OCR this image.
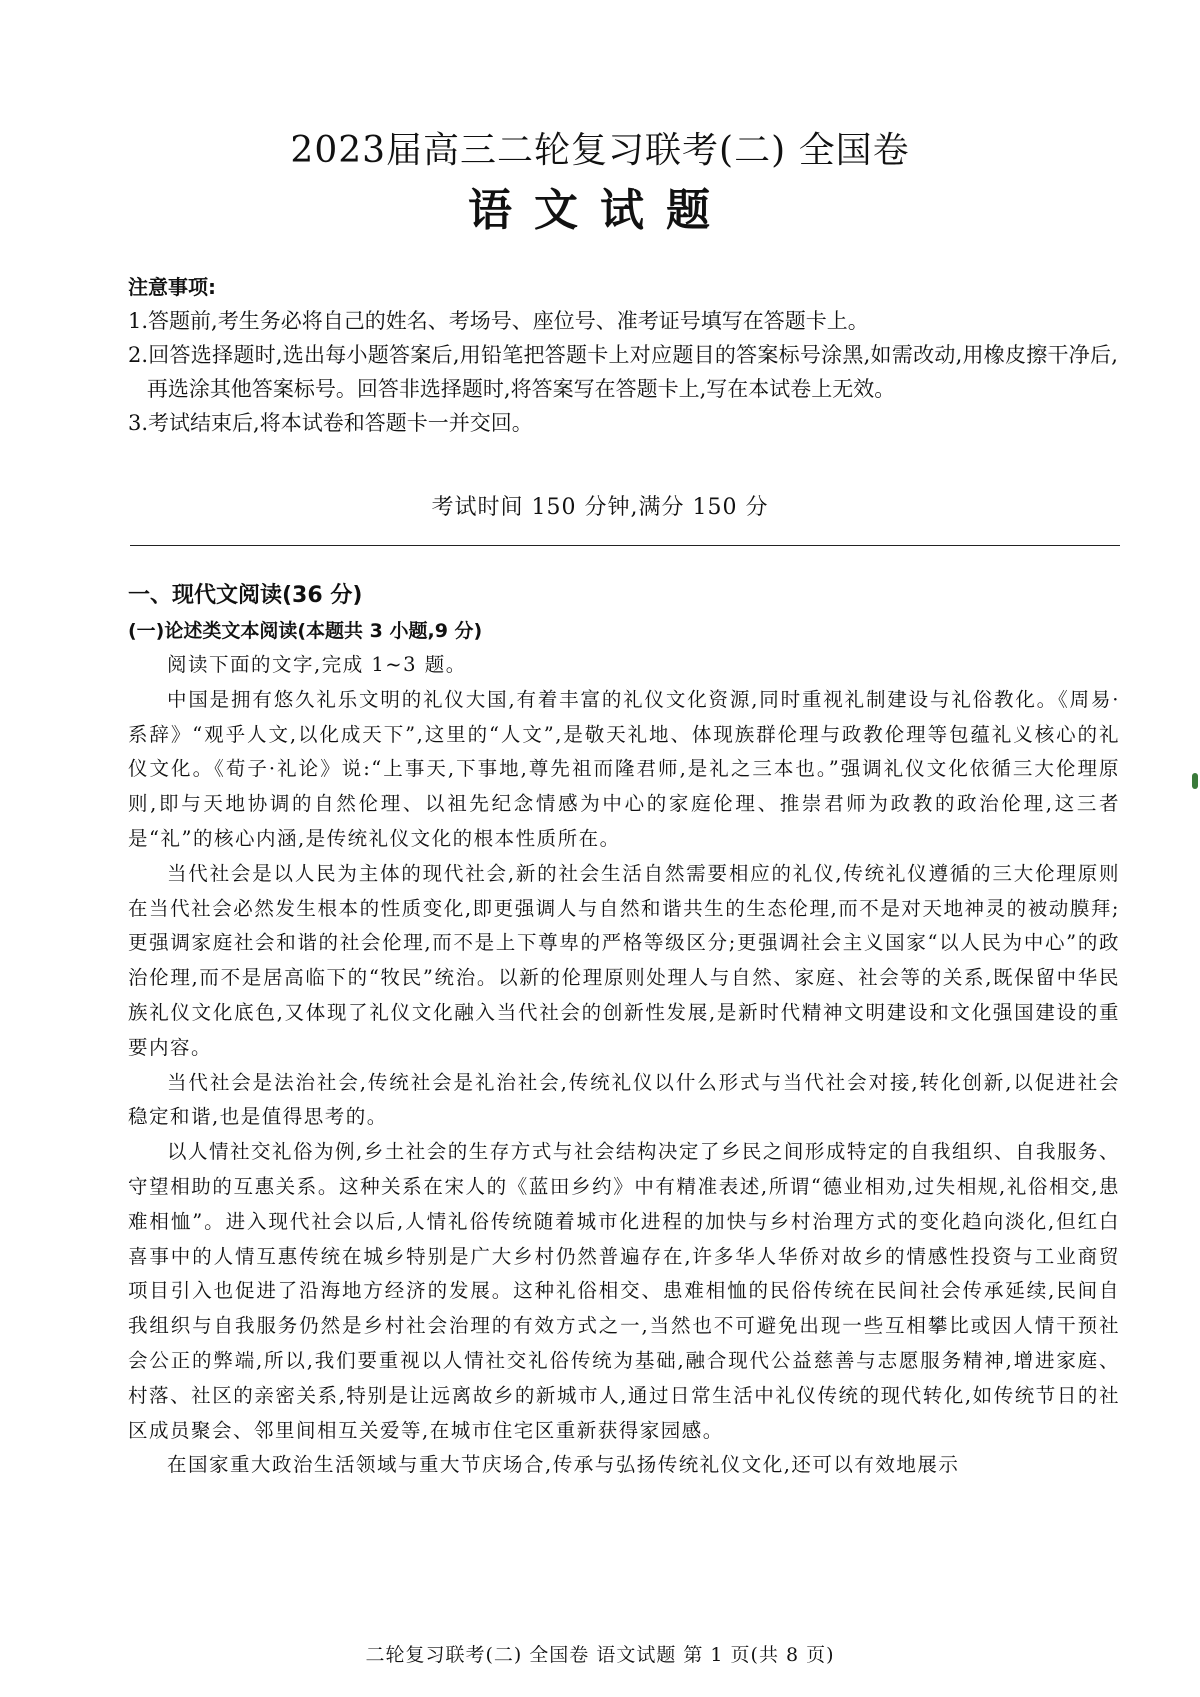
2023届高三二轮复习联考(二) 全国卷
语文试题
注意事项:
1.答题前,考生务必将自己的姓名、考场号、座位号、准考证号填写在答题卡上。
2.回答选择题时,选出每小题答案后,用铅笔把答题卡上对应题目的答案标号涂黑,如需改动,用橡皮擦干净后,再选涂其他答案标号。回答非选择题时,将答案写在答题卡上,写在本试卷上无效。
3.考试结束后,将本试卷和答题卡一并交回。
考试时间 150 分钟,满分 150 分
一、现代文阅读(36 分)
(一)论述类文本阅读(本题共 3 小题,9 分)

阅读下面的文字,完成 1~3 题。

中国是拥有悠久礼乐文明的礼仪大国,有着丰富的礼仪文化资源,同时重视礼制建设与礼俗教化。《周易·系辞》“观乎人文,以化成天下”,这里的“人文”,是敬天礼地、体现族群伦理与政教伦理等包蕴礼义核心的礼仪文化。《荀子·礼论》说:“上事天,下事地,尊先祖而隆君师,是礼之三本也。”强调礼仪文化依循三大伦理原则,即与天地协调的自然伦理、以祖先纪念情感为中心的家庭伦理、推崇君师为政教的政治伦理,这三者是“礼”的核心内涵,是传统礼仪文化的根本性质所在。

当代社会是以人民为主体的现代社会,新的社会生活自然需要相应的礼仪,传统礼仪遵循的三大伦理原则在当代社会必然发生根本的性质变化,即更强调人与自然和谐共生的生态伦理,而不是对天地神灵的被动膜拜;更强调家庭社会和谐的社会伦理,而不是上下尊卑的严格等级区分;更强调社会主义国家“以人民为中心”的政治伦理,而不是居高临下的“牧民”统治。以新的伦理原则处理人与自然、家庭、社会等的关系,既保留中华民族礼仪文化底色,又体现了礼仪文化融入当代社会的创新性发展,是新时代精神文明建设和文化强国建设的重要内容。

当代社会是法治社会,传统社会是礼治社会,传统礼仪以什么形式与当代社会对接,转化创新,以促进社会稳定和谐,也是值得思考的。

以人情社交礼俗为例,乡土社会的生存方式与社会结构决定了乡民之间形成特定的自我组织、自我服务、守望相助的互惠关系。这种关系在宋人的《蓝田乡约》中有精准表述,所谓“德业相劝,过失相规,礼俗相交,患难相恤”。进入现代社会以后,人情礼俗传统随着城市化进程的加快与乡村治理方式的变化趋向淡化,但红白喜事中的人情互惠传统在城乡特别是广大乡村仍然普遍存在,许多华人华侨对故乡的情感性投资与工业商贸项目引入也促进了沿海地方经济的发展。这种礼俗相交、患难相恤的民俗传统在民间社会传承延续,民间自我组织与自我服务仍然是乡村社会治理的有效方式之一,当然也不可避免出现一些互相攀比或因人情干预社会公正的弊端,所以,我们要重视以人情社交礼俗传统为基础,融合现代公益慈善与志愿服务精神,增进家庭、村落、社区的亲密关系,特别是让远离故乡的新城市人,通过日常生活中礼仪传统的现代转化,如传统节日的社区成员聚会、邻里间相互关爱等,在城市住宅区重新获得家园感。

在国家重大政治生活领域与重大节庆场合,传承与弘扬传统礼仪文化,还可以有效地展示

二轮复习联考(二) 全国卷 语文试题 第 1 页(共 8 页)
